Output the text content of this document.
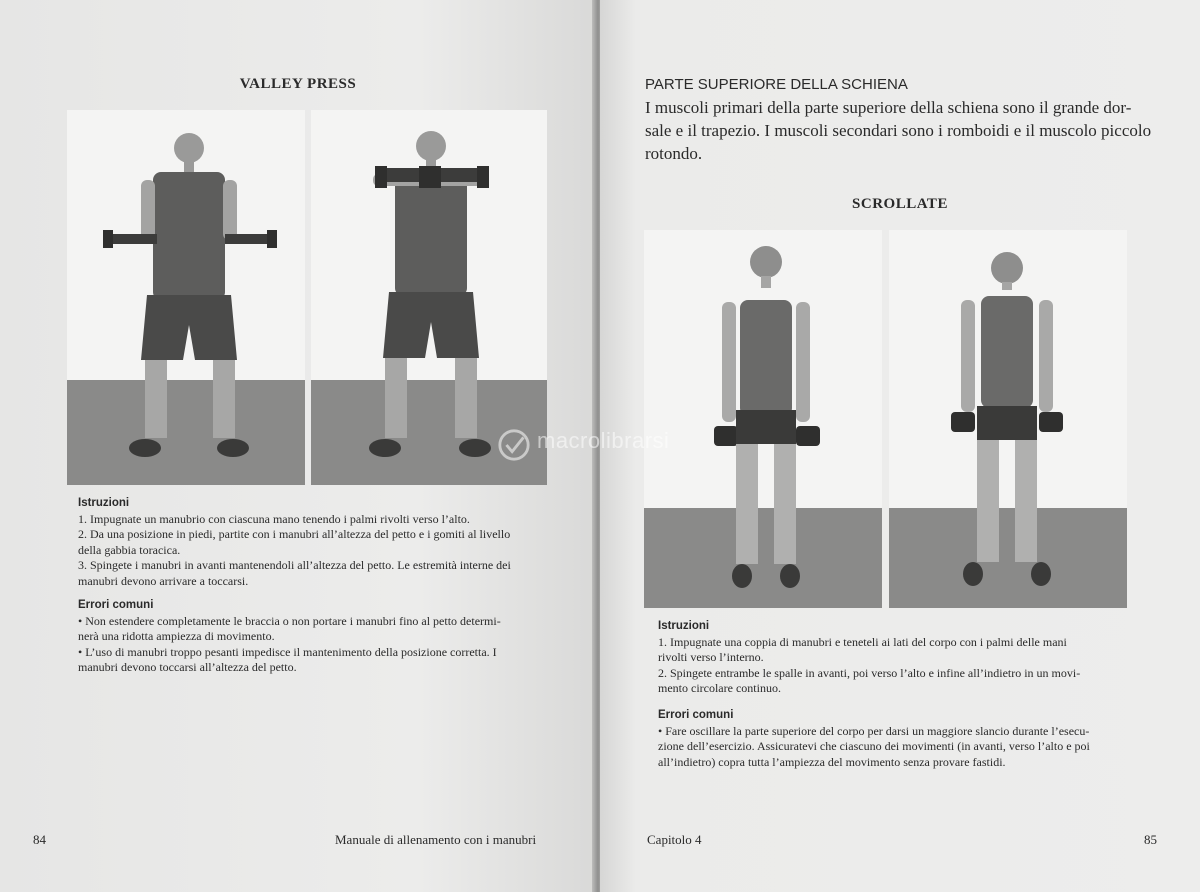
VALLEY PRESS
Istruzioni
1. Impugnate un manubrio con ciascuna mano tenendo i palmi rivolti verso l’alto.
2. Da una posizione in piedi, partite con i manubri all’altezza del petto e i gomiti al livello
della gabbia toracica.
3. Spingete i manubri in avanti mantenendoli all’altezza del petto. Le estremità interne dei
manubri devono arrivare a toccarsi.
Errori comuni
• Non estendere completamente le braccia o non portare i manubri fino al petto determi-
nerà una ridotta ampiezza di movimento.
• L’uso di manubri troppo pesanti impedisce il mantenimento della posizione corretta. I
manubri devono toccarsi all’altezza del petto.
84	Manuale di allenamento con i manubri
PARTE SUPERIORE DELLA SCHIENA
I muscoli primari della parte superiore della schiena sono il grande dor-
sale e il trapezio. I muscoli secondari sono i romboidi e il muscolo piccolo
rotondo.
SCROLLATE
Istruzioni
1. Impugnate una coppia di manubri e teneteli ai lati del corpo con i palmi delle mani
rivolti verso l’interno.
2. Spingete entrambe le spalle in avanti, poi verso l’alto e infine all’indietro in un movi-
mento circolare continuo.
Errori comuni
• Fare oscillare la parte superiore del corpo per darsi un maggiore slancio durante l’esecu-
zione dell’esercizio. Assicuratevi che ciascuno dei movimenti (in avanti, verso l’alto e poi
all’indietro) copra tutta l’ampiezza del movimento senza provare fastidi.
Capitolo 4	85
macrolibrarsi
